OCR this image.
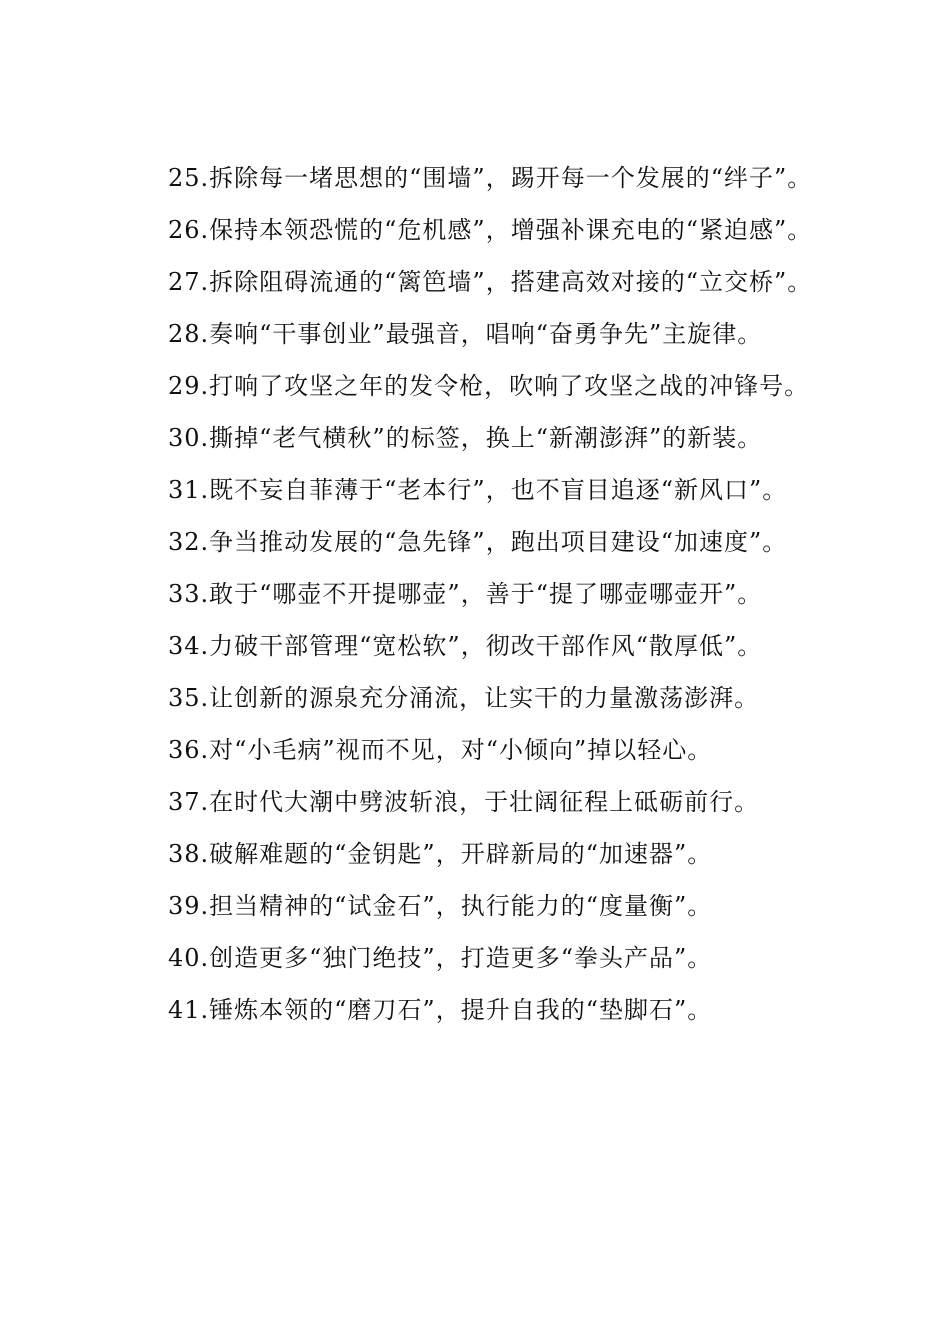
25.拆除每一堵思想的“围墙”，踢开每一个发展的“绊子”。

26.保持本领恐慌的“危机感”，增强补课充电的“紧迫感”。

27.拆除阻碍流通的“篱笆墙”，搭建高效对接的“立交桥”。

28.奏响“干事创业”最强音，唱响“奋勇争先”主旋律。

29.打响了攻坚之年的发令枪，吹响了攻坚之战的冲锋号。

30.撕掉“老气横秋”的标签，换上“新潮澎湃”的新装。

31.既不妄自菲薄于“老本行”，也不盲目追逐“新风口”。

32.争当推动发展的“急先锋”，跑出项目建设“加速度”。

33.敢于“哪壶不开提哪壶”，善于“提了哪壶哪壶开”。

34.力破干部管理“宽松软”，彻改干部作风“散厚低”。

35.让创新的源泉充分涌流，让实干的力量激荡澎湃。

36.对“小毛病”视而不见，对“小倾向”掉以轻心。

37.在时代大潮中劈波斩浪，于壮阔征程上砥砺前行。

38.破解难题的“金钥匙”，开辟新局的“加速器”。

39.担当精神的“试金石”，执行能力的“度量衡”。

40.创造更多“独门绝技”，打造更多“拳头产品”。

41.锤炼本领的“磨刀石”，提升自我的“垫脚石”。
